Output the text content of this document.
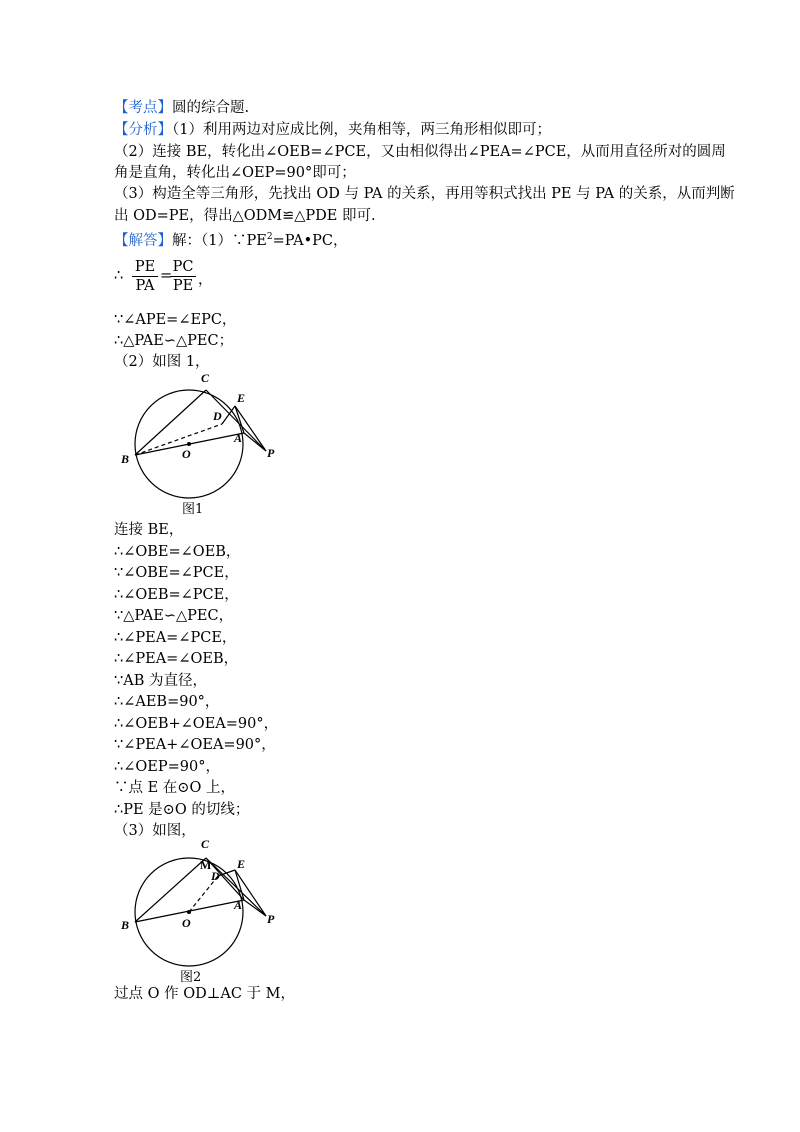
【考点】圆的综合题.
【分析】（1）利用两边对应成比例，夹角相等，两三角形相似即可；
（2）连接 BE，转化出∠OEB=∠PCE，又由相似得出∠PEA=∠PCE，从而用直径所对的圆周
角是直角，转化出∠OEP=90°即可；
（3）构造全等三角形，先找出 OD 与 PA 的关系，再用等积式找出 PE 与 PA 的关系，从而判断
出 OD=PE，得出△ODM≌△PDE 即可.
【解答】解：$(1)\because PE^2=PA•PC$，
∴ $\frac{PE}{PA}$ =
$\frac{PC}{PE}$ ，
∵∠APE=∠EPC，
∴△PAE∽△PEC；
（2）如图 1，
C
E
D
A
B	O	P
图1
连接 BE，
∴∠OBE=∠OEB，
∵∠OBE=∠PCE，
∴∠OEB=∠PCE，
∵△PAE∽△PEC，
∴∠PEA=∠PCE，
∴∠PEA=∠OEB，
∵AB 为直径，
∴∠AEB=90°，
∴∠OEB+∠OEA=90°，
∵∠PEA+∠OEA=90°，
∴∠OEP=90°，
∵点 E 在⊙O 上，
∴PE 是⊙O 的切线；
（3）如图，
C
M E
D
A
B	O	P
图2
过点 O 作 OD⊥AC 于 M，
